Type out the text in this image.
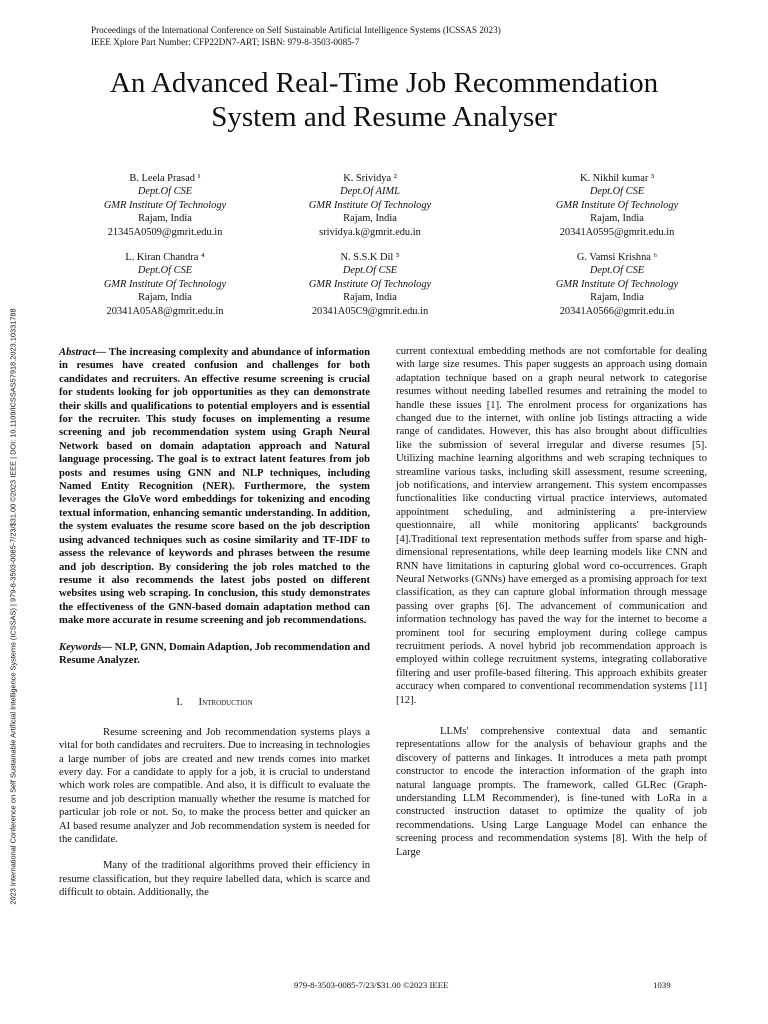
Proceedings of the International Conference on Self Sustainable Artificial Intelligence Systems (ICSSAS 2023)
IEEE Xplore Part Number: CFP22DN7-ART; ISBN: 979-8-3503-0085-7
An Advanced Real-Time Job Recommendation
System and Resume Analyser
B. Leela Prasad ¹
Dept.Of CSE
GMR Institute Of Technology
Rajam, India
21345A0509@gmrit.edu.in
K. Srividya ²
Dept.Of AIML
GMR Institute Of Technology
Rajam, India
srividya.k@gmrit.edu.in
K. Nikhil kumar ³
Dept.Of CSE
GMR Institute Of Technology
Rajam, India
20341A0595@gmrit.edu.in
L. Kiran Chandra ⁴
Dept.Of CSE
GMR Institute Of Technology
Rajam, India
20341A05A8@gmrit.edu.in
N. S.S.K Dil ⁵
Dept.Of CSE
GMR Institute Of Technology
Rajam, India
20341A05C9@gmrit.edu.in
G. Vamsi Krishna ⁶
Dept.Of CSE
GMR Institute Of Technology
Rajam, India
20341A0566@gmrit.edu.in
2023 International Conference on Self Sustainable Artificial Intelligence Systems (ICSSAS) | 979-8-3503-0085-7/23/$31.00 ©2023 IEEE | DOI: 10.1109/ICSSAS57918.2023.10331788	Abstract— The increasing complexity and abundance of information in resumes have created confusion and challenges for both candidates and recruiters. An effective resume screening is crucial for students looking for job opportunities as they can demonstrate their skills and qualifications to potential employers and is essential for the recruiter. This study focuses on implementing a resume screening and job recommendation system using Graph Neural Network based on domain adaptation approach and Natural language processing. The goal is to extract latent features from job posts and resumes using GNN and NLP techniques, including Named Entity Recognition (NER). Furthermore, the system leverages the GloVe word embeddings for tokenizing and encoding textual information, enhancing semantic understanding. In addition, the system evaluates the resume score based on the job description using advanced techniques such as cosine similarity and TF-IDF to assess the relevance of keywords and phrases between the resume and job description. By considering the job roles matched to the resume it also recommends the latest jobs posted on different websites using web scraping. In conclusion, this study demonstrates the effectiveness of the GNN-based domain adaptation method can make more accurate in resume screening and job recommendations.

Keywords— NLP, GNN, Domain Adaption, Job recommendation and Resume Analyzer.

I. Introduction

Resume screening and Job recommendation systems plays a vital for both candidates and recruiters. Due to increasing in technologies a large number of jobs are created and new trends comes into market every day. For a candidate to apply for a job, it is crucial to understand which work roles are compatible. And also, it is difficult to evaluate the resume and job description manually whether the resume is matched for particular job role or not. So, to make the process better and quicker an AI based resume analyzer and Job recommendation system is needed for the candidate.

Many of the traditional algorithms proved their efficiency in resume classification, but they require labelled data, which is scarce and difficult to obtain. Additionally, the

current contextual embedding methods are not comfortable for dealing with large size resumes. This paper suggests an approach using domain adaptation technique based on a graph neural network to categorise resumes without needing labelled resumes and retraining the model to handle these issues [1]. The enrolment process for organizations has changed due to the internet, with online job listings attracting a wide range of candidates. However, this has also brought about difficulties like the submission of several irregular and diverse resumes [5]. Utilizing machine learning algorithms and web scraping techniques to streamline various tasks, including skill assessment, resume screening, job notifications, and interview arrangement. This system encompasses functionalities like conducting virtual practice interviews, automated appointment scheduling, and administering a pre-interview questionnaire, all while monitoring applicants' backgrounds [4].Traditional text representation methods suffer from sparse and high-dimensional representations, while deep learning models like CNN and RNN have limitations in capturing global word co-occurrences. Graph Neural Networks (GNNs) have emerged as a promising approach for text classification, as they can capture global information through message passing over graphs [6]. The advancement of communication and information technology has paved the way for the internet to become a prominent tool for securing employment during college campus recruitment periods. A novel hybrid job recommendation approach is employed within college recruitment systems, integrating collaborative filtering and user profile-based filtering. This approach exhibits greater accuracy when compared to conventional recommendation systems [11][12].

LLMs' comprehensive contextual data and semantic representations allow for the analysis of behaviour graphs and the discovery of patterns and linkages. It introduces a meta path prompt constructor to encode the interaction information of the graph into natural language prompts. The framework, called GLRec (Graph-understanding LLM Recommender), is fine-tuned with LoRa in a constructed instruction dataset to optimize the quality of job recommendations. Using Large Language Model can enhance the screening process and recommendation systems [8]. With the help of Large

979-8-3503-0085-7/23/$31.00 ©2023 IEEE	1039
